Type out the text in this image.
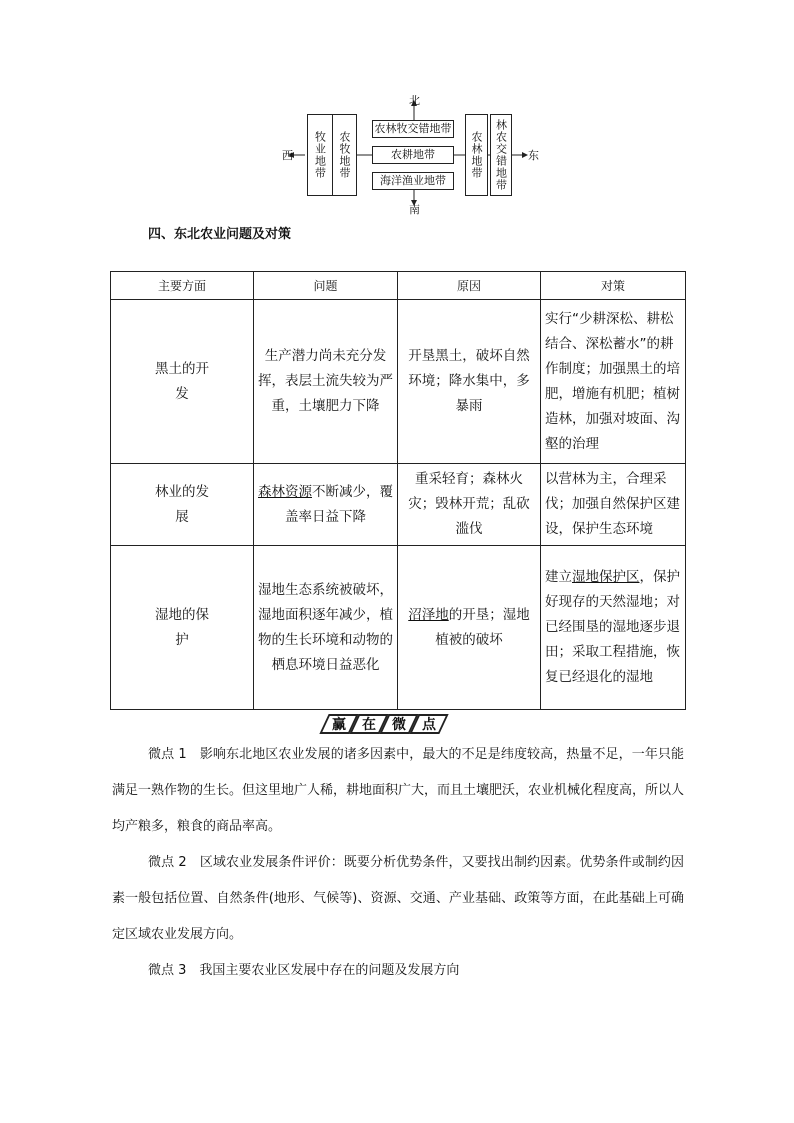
北
南
西	东
牧业地带 农牧地带
农林牧交错地带
农耕地带
海洋渔业地带
农林地带 林农交错地带
四、东北农业问题及对策
主要方面	问题	原因	对策
黑土的开发	生产潜力尚未充分发挥，表层土流失较为严重，土壤肥力下降	开垦黑土，破坏自然环境；降水集中，多暴雨	实行“少耕深松、耕松结合、深松蓄水”的耕作制度；加强黑土的培肥，增施有机肥；植树造林，加强对坡面、沟壑的治理
林业的发展	森林资源不断减少，覆盖率日益下降	重采轻育；森林火灾；毁林开荒；乱砍滥伐	以营林为主，合理采伐；加强自然保护区建设，保护生态环境
湿地的保护	湿地生态系统被破坏，湿地面积逐年减少，植物的生长环境和动物的栖息环境日益恶化	沼泽地的开垦；湿地植被的破坏	建立湿地保护区，保护好现存的天然湿地；对已经围垦的湿地逐步退田；采取工程措施，恢复已经退化的湿地
赢 在 微 点
微点 1　影响东北地区农业发展的诸多因素中，最大的不足是纬度较高，热量不足，一年只能满足一熟作物的生长。但这里地广人稀，耕地面积广大，而且土壤肥沃，农业机械化程度高，所以人均产粮多，粮食的商品率高。
微点 2　区域农业发展条件评价：既要分析优势条件，又要找出制约因素。优势条件或制约因素一般包括位置、自然条件(地形、气候等)、资源、交通、产业基础、政策等方面，在此基础上可确定区域农业发展方向。
微点 3　我国主要农业区发展中存在的问题及发展方向
